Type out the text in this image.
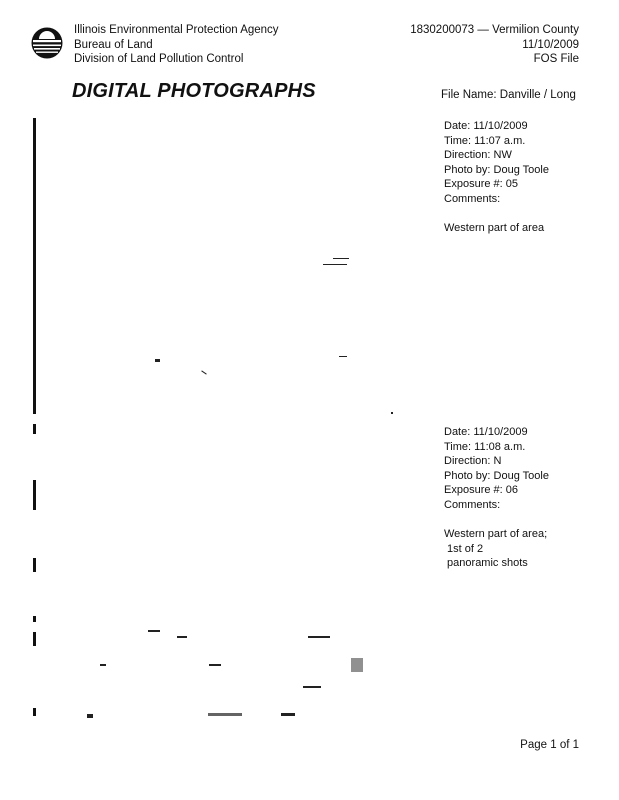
Illinois Environmental Protection Agency
Bureau of Land
Division of Land Pollution Control
1830200073 — Vermilion County
11/10/2009
FOS File
DIGITAL PHOTOGRAPHS	File Name: Danville / Long
Date: 11/10/2009
Time: 11:07 a.m.
Direction: NW
Photo by: Doug Toole
Exposure #: 05
Comments:
Western part of area
Date: 11/10/2009
Time: 11:08 a.m.
Direction: N
Photo by: Doug Toole
Exposure #: 06
Comments:
Western part of area;
1st of 2
panoramic shots
Page 1 of 1
